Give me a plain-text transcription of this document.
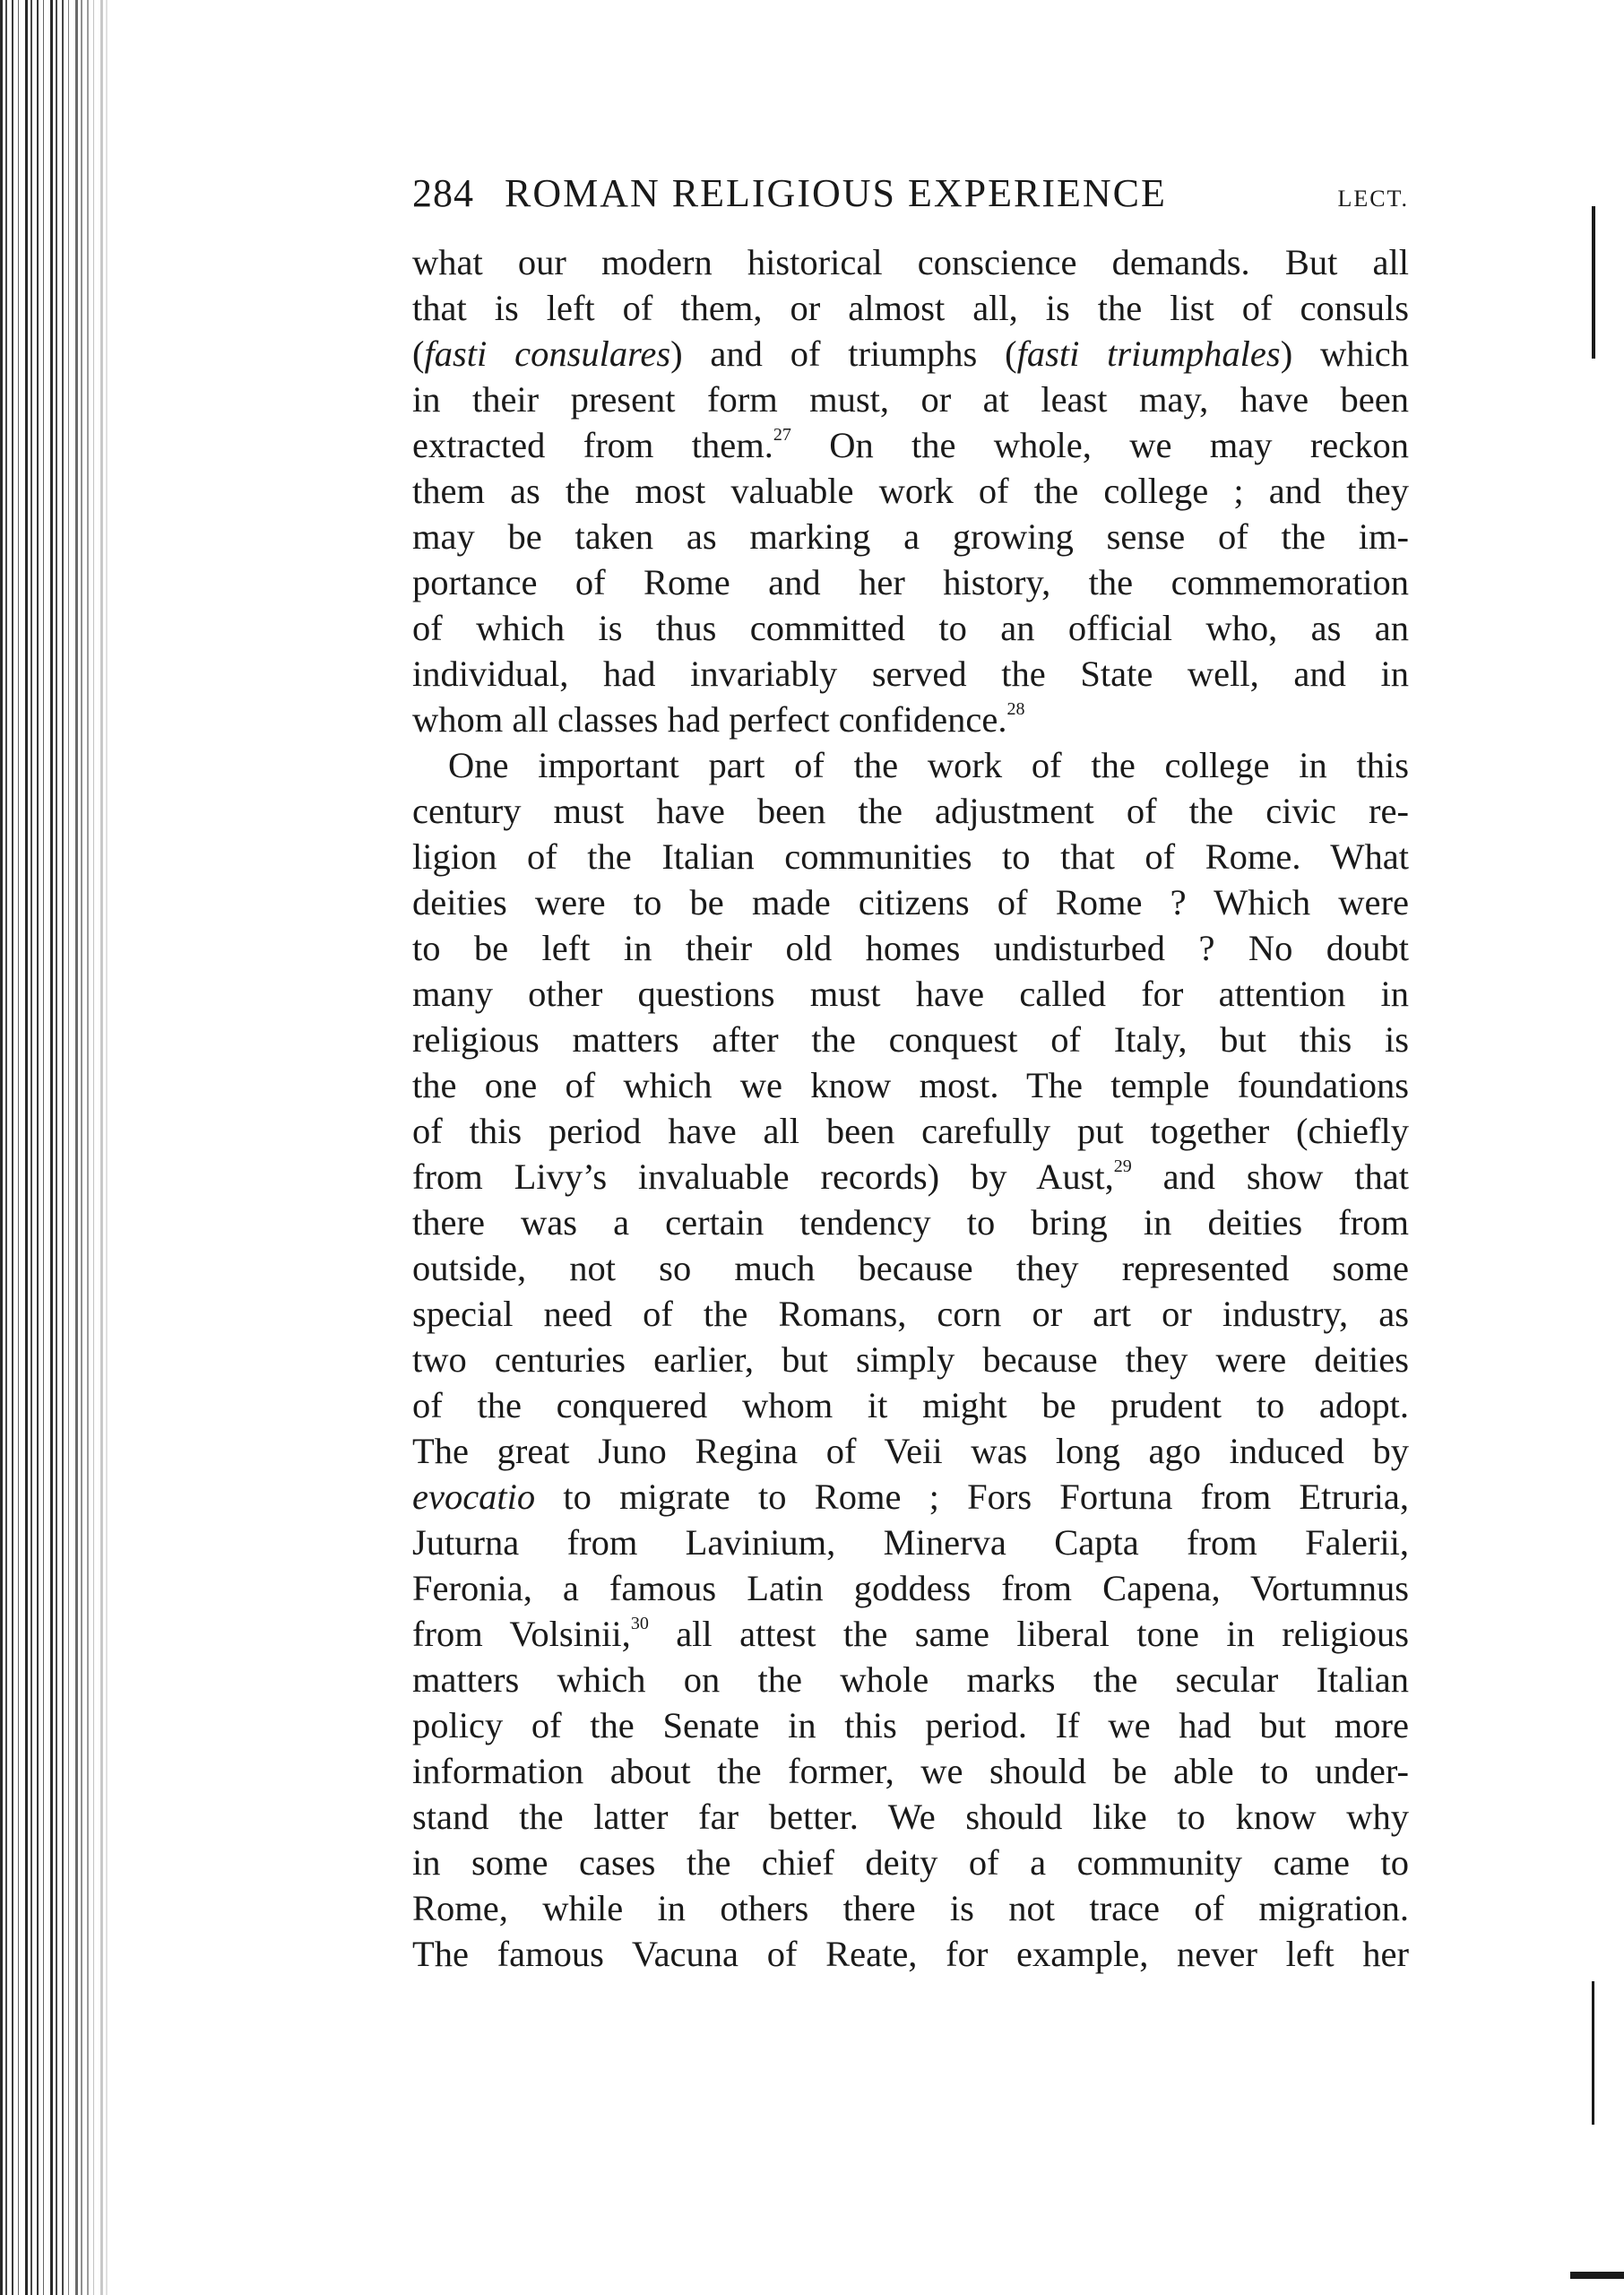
284 ROMAN RELIGIOUS EXPERIENCE	LECT.

what our modern historical conscience demands. But all
that is left of them, or almost all, is the list of consuls
(fasti consulares) and of triumphs (fasti triumphales) which
in their present form must, or at least may, have been
extracted from them.$^{27}$ On the whole, we may reckon
them as the most valuable work of the college ; and they
may be taken as marking a growing sense of the im-
portance of Rome and her history, the commemoration
of which is thus committed to an official who, as an
individual, had invariably served the State well, and in
whom all classes had perfect confidence.$^{28}$

One important part of the work of the college in this
century must have been the adjustment of the civic re-
ligion of the Italian communities to that of Rome. What
deities were to be made citizens of Rome ? Which were
to be left in their old homes undisturbed ? No doubt
many other questions must have called for attention in
religious matters after the conquest of Italy, but this is
the one of which we know most. The temple foundations
of this period have all been carefully put together (chiefly
from Livy’s invaluable records) by Aust,$^{29}$ and show that
there was a certain tendency to bring in deities from
outside, not so much because they represented some
special need of the Romans, corn or art or industry, as
two centuries earlier, but simply because they were deities
of the conquered whom it might be prudent to adopt.
The great Juno Regina of Veii was long ago induced by
evocatio to migrate to Rome ; Fors Fortuna from Etruria,
Juturna from Lavinium, Minerva Capta from Falerii,
Feronia, a famous Latin goddess from Capena, Vortumnus
from Volsinii,$^{30}$ all attest the same liberal tone in religious
matters which on the whole marks the secular Italian
policy of the Senate in this period. If we had but more
information about the former, we should be able to under-
stand the latter far better. We should like to know why
in some cases the chief deity of a community came to
Rome, while in others there is not trace of migration.
The famous Vacuna of Reate, for example, never left her
